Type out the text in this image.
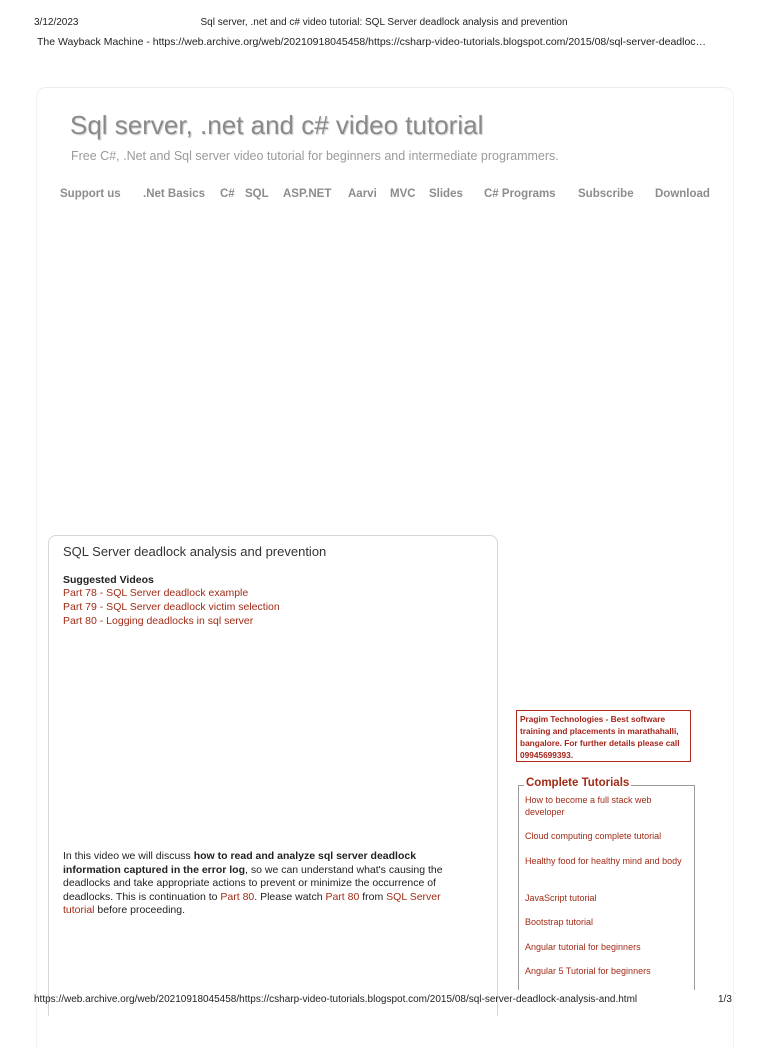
3/12/2023	Sql server, .net and c# video tutorial: SQL Server deadlock analysis and prevention
The Wayback Machine - https://web.archive.org/web/20210918045458/https://csharp-video-tutorials.blogspot.com/2015/08/sql-server-deadloc…
Sql server, .net and c# video tutorial
Free C#, .Net and Sql server video tutorial for beginners and intermediate programmers.
Support us .Net Basics C# SQL ASP.NET Aarvi MVC Slides C# Programs Subscribe Download
SQL Server deadlock analysis and prevention
Suggested Videos
Part 78 - SQL Server deadlock example
Part 79 - SQL Server deadlock victim selection
Part 80 - Logging deadlocks in sql server
In this video we will discuss how to read and analyze sql server deadlock information captured in the error log, so we can understand what's causing the deadlocks and take appropriate actions to prevent or minimize the occurrence of deadlocks. This is continuation to Part 80. Please watch Part 80 from SQL Server tutorial before proceeding.
Pragim Technologies - Best software training and placements in marathahalli, bangalore. For further details please call 09945699393.
Complete Tutorials
How to become a full stack web developer
Cloud computing complete tutorial
Healthy food for healthy mind and body
JavaScript tutorial
Bootstrap tutorial
Angular tutorial for beginners
Angular 5 Tutorial for beginners
https://web.archive.org/web/20210918045458/https://csharp-video-tutorials.blogspot.com/2015/08/sql-server-deadlock-analysis-and.html	1/3
